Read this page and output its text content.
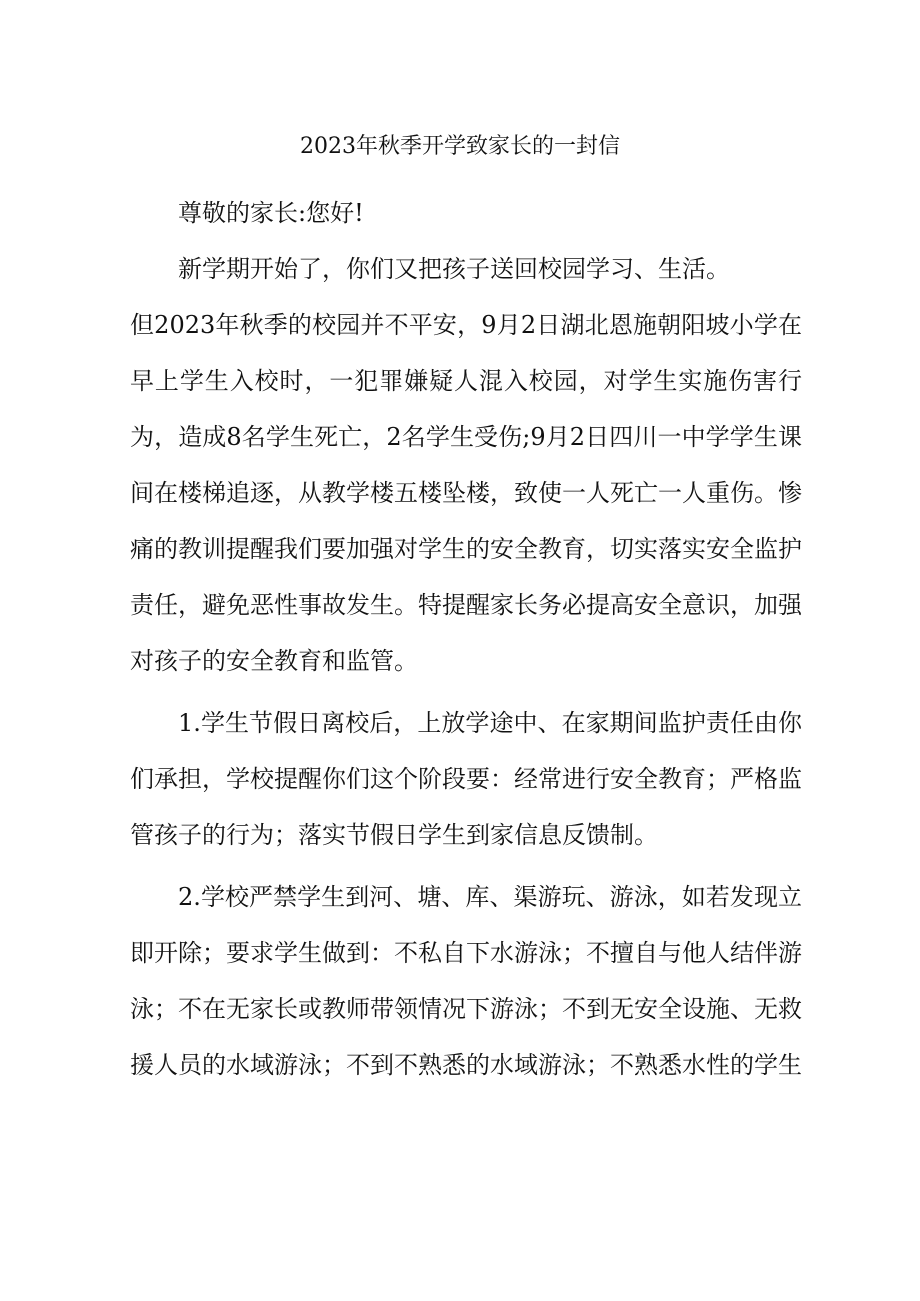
2023年秋季开学致家长的一封信

尊敬的家长:您好!

新学期开始了，你们又把孩子送回校园学习、生活。

但2023年秋季的校园并不平安，9月2日湖北恩施朝阳坡小学在早上学生入校时，一犯罪嫌疑人混入校园，对学生实施伤害行为，造成8名学生死亡，2名学生受伤;9月2日四川一中学学生课间在楼梯追逐，从教学楼五楼坠楼，致使一人死亡一人重伤。惨痛的教训提醒我们要加强对学生的安全教育，切实落实安全监护责任，避免恶性事故发生。特提醒家长务必提高安全意识，加强对孩子的安全教育和监管。

1.学生节假日离校后，上放学途中、在家期间监护责任由你们承担，学校提醒你们这个阶段要：经常进行安全教育；严格监管孩子的行为；落实节假日学生到家信息反馈制。

2.学校严禁学生到河、塘、库、渠游玩、游泳，如若发现立即开除；要求学生做到：不私自下水游泳；不擅自与他人结伴游泳；不在无家长或教师带领情况下游泳；不到无安全设施、无救援人员的水域游泳；不到不熟悉的水域游泳；不熟悉水性的学生
